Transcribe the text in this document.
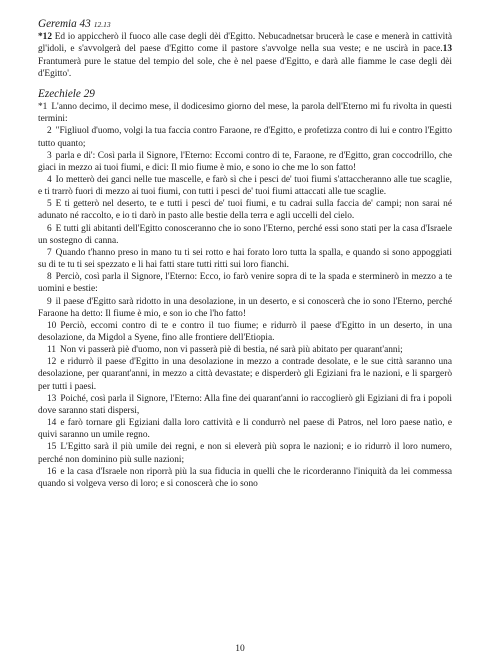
Geremia 43 12.13

*12 Ed io appiccherò il fuoco alle case degli dèi d'Egitto. Nebucadnetsar brucerà le case e menerà in cattività gl'idoli, e s'avvolgerà del paese d'Egitto come il pastore s'avvolge nella sua veste; e ne uscirà in pace.13 Frantumerà pure le statue del tempio del sole, che è nel paese d'Egitto, e darà alle fiamme le case degli dèi d'Egitto'.

Ezechiele 29

*1 L'anno decimo, il decimo mese, il dodicesimo giorno del mese, la parola dell'Eterno mi fu rivolta in questi termini:

2 "Figliuol d'uomo, volgi la tua faccia contro Faraone, re d'Egitto, e profetizza contro di lui e contro l'Egitto tutto quanto;

3 parla e di': Così parla il Signore, l'Eterno: Eccomi contro di te, Faraone, re d'Egitto, gran coccodrillo, che giaci in mezzo ai tuoi fiumi, e dici: Il mio fiume è mio, e sono io che me lo son fatto!

4 Io metterò dei ganci nelle tue mascelle, e farò sì che i pesci de' tuoi fiumi s'attaccheranno alle tue scaglie, e ti trarrò fuori di mezzo ai tuoi fiumi, con tutti i pesci de' tuoi fiumi attaccati alle tue scaglie.

5 E ti getterò nel deserto, te e tutti i pesci de' tuoi fiumi, e tu cadrai sulla faccia de' campi; non sarai né adunato né raccolto, e io ti darò in pasto alle bestie della terra e agli uccelli del cielo.

6 E tutti gli abitanti dell'Egitto conosceranno che io sono l'Eterno, perché essi sono stati per la casa d'Israele un sostegno di canna.

7 Quando t'hanno preso in mano tu ti sei rotto e hai forato loro tutta la spalla, e quando si sono appoggiati su di te tu ti sei spezzato e li hai fatti stare tutti ritti sui loro fianchi.

8 Perciò, così parla il Signore, l'Eterno: Ecco, io farò venire sopra di te la spada e sterminerò in mezzo a te uomini e bestie:

9 il paese d'Egitto sarà ridotto in una desolazione, in un deserto, e si conoscerà che io sono l'Eterno, perché Faraone ha detto: Il fiume è mio, e son io che l'ho fatto!

10 Perciò, eccomi contro di te e contro il tuo fiume; e ridurrò il paese d'Egitto in un deserto, in una desolazione, da Migdol a Syene, fino alle frontiere dell'Etiopia.

11 Non vi passerà piè d'uomo, non vi passerà piè di bestia, né sarà più abitato per quarant'anni;

12 e ridurrò il paese d'Egitto in una desolazione in mezzo a contrade desolate, e le sue città saranno una desolazione, per quarant'anni, in mezzo a città devastate; e disperderò gli Egiziani fra le nazioni, e li spargerò per tutti i paesi.

13 Poiché, così parla il Signore, l'Eterno: Alla fine dei quarant'anni io raccoglierò gli Egiziani di fra i popoli dove saranno stati dispersi,

14 e farò tornare gli Egiziani dalla loro cattività e li condurrò nel paese di Patros, nel loro paese natìo, e quivi saranno un umile regno.

15 L'Egitto sarà il più umile dei regni, e non si eleverà più sopra le nazioni; e io ridurrò il loro numero, perché non dominino più sulle nazioni;

16 e la casa d'Israele non riporrà più la sua fiducia in quelli che le ricorderanno l'iniquità da lei commessa quando si volgeva verso di loro; e si conoscerà che io sono

10
